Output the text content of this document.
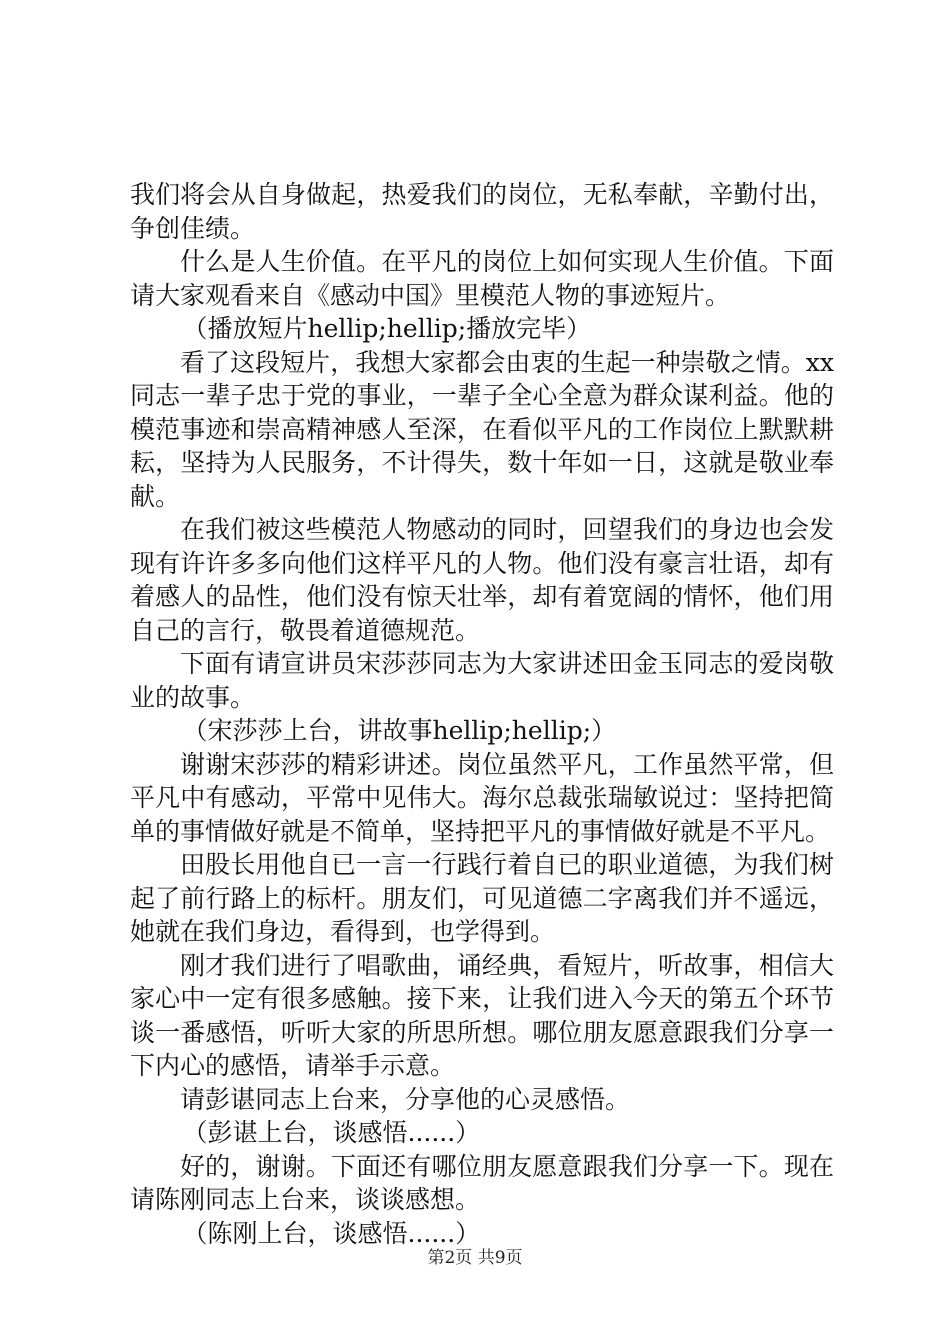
我们将会从自身做起，热爱我们的岗位，无私奉献，辛勤付出，争创佳绩。

什么是人生价值。在平凡的岗位上如何实现人生价值。下面请大家观看来自《感动中国》里模范人物的事迹短片。

（播放短片hellip;hellip;播放完毕）

看了这段短片，我想大家都会由衷的生起一种崇敬之情。xx同志一辈子忠于党的事业，一辈子全心全意为群众谋利益。他的模范事迹和崇高精神感人至深，在看似平凡的工作岗位上默默耕耘，坚持为人民服务，不计得失，数十年如一日，这就是敬业奉献。

在我们被这些模范人物感动的同时，回望我们的身边也会发现有许许多多向他们这样平凡的人物。他们没有豪言壮语，却有着感人的品性，他们没有惊天壮举，却有着宽阔的情怀，他们用自己的言行，敬畏着道德规范。

下面有请宣讲员宋莎莎同志为大家讲述田金玉同志的爱岗敬业的故事。

（宋莎莎上台，讲故事hellip;hellip;）

谢谢宋莎莎的精彩讲述。岗位虽然平凡，工作虽然平常，但平凡中有感动，平常中见伟大。海尔总裁张瑞敏说过：坚持把简单的事情做好就是不简单，坚持把平凡的事情做好就是不平凡。

田股长用他自已一言一行践行着自已的职业道德，为我们树起了前行路上的标杆。朋友们，可见道德二字离我们并不遥远，她就在我们身边，看得到，也学得到。

刚才我们进行了唱歌曲，诵经典，看短片，听故事，相信大家心中一定有很多感触。接下来，让我们进入今天的第五个环节谈一番感悟，听听大家的所思所想。哪位朋友愿意跟我们分享一下内心的感悟，请举手示意。

请彭谌同志上台来，分享他的心灵感悟。

（彭谌上台，谈感悟......）

好的，谢谢。下面还有哪位朋友愿意跟我们分享一下。现在请陈刚同志上台来，谈谈感想。

（陈刚上台，谈感悟......）

第2页 共9页
